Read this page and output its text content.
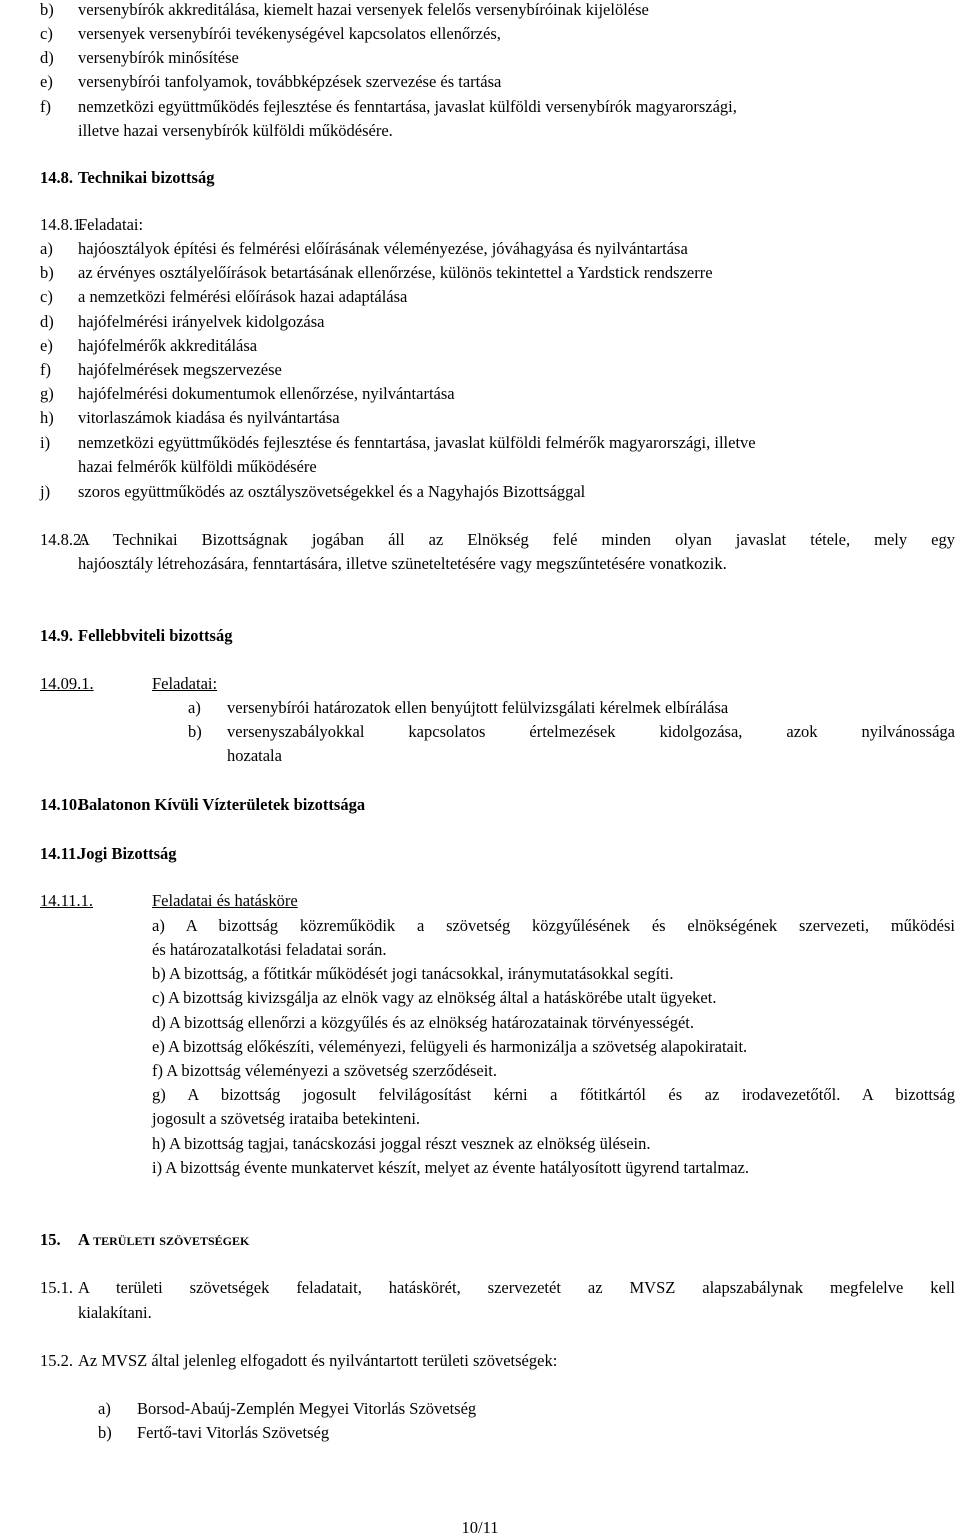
b) versenybírók akkreditálása, kiemelt hazai versenyek felelős versenybíróinak kijelölése
c) versenyek versenybírói tevékenységével kapcsolatos ellenőrzés,
d) versenybírók minősítése
e) versenybírói tanfolyamok, továbbképzések szervezése és tartása
f) nemzetközi együttműködés fejlesztése és fenntartása, javaslat külföldi versenybírók magyarországi,
illetve hazai versenybírók külföldi működésére.
14.8. Technikai bizottság
14.8.1.
Feladatai:
a) hajóosztályok építési és felmérési előírásának véleményezése, jóváhagyása és nyilvántartása
b) az érvényes osztályelőírások betartásának ellenőrzése, különös tekintettel a Yardstick rendszerre
c) a nemzetközi felmérési előírások hazai adaptálása
d) hajófelmérési irányelvek kidolgozása
e) hajófelmérők akkreditálása
f) hajófelmérések megszervezése
g) hajófelmérési dokumentumok ellenőrzése, nyilvántartása
h) vitorlaszámok kiadása és nyilvántartása
i) nemzetközi együttműködés fejlesztése és fenntartása, javaslat külföldi felmérők magyarországi, illetve
hazai felmérők külföldi működésére
j) szoros együttműködés az osztályszövetségekkel és a Nagyhajós Bizottsággal
14.8.2.
A Technikai Bizottságnak jogában áll az Elnökség felé minden olyan javaslat tétele, mely egy
hajóosztály létrehozására, fenntartására, illetve szüneteltetésére vagy megszűntetésére vonatkozik.
14.9. Fellebbviteli bizottság
14.09.1.	Feladatai:
a) versenybírói határozatok ellen benyújtott felülvizsgálati kérelmek elbírálása
b) versenyszabályokkal kapcsolatos értelmezések kidolgozása, azok nyilvánossága
hozatala
14.10.
Balatonon Kívüli Vízterületek bizottsága
14.11.
Jogi Bizottság
14.11.1.	Feladatai és hatásköre
a) A bizottság közreműködik a szövetség közgyűlésének és elnökségének szervezeti, működési
és határozatalkotási feladatai során.
b) A bizottság, a főtitkár működését jogi tanácsokkal, iránymutatásokkal segíti.
c) A bizottság kivizsgálja az elnök vagy az elnökség által a hatáskörébe utalt ügyeket.
d) A bizottság ellenőrzi a közgyűlés és az elnökség határozatainak törvényességét.
e) A bizottság előkészíti, véleményezi, felügyeli és harmonizálja a szövetség alapokiratait.
f) A bizottság véleményezi a szövetség szerződéseit.
g) A bizottság jogosult felvilágosítást kérni a főtitkártól és az irodavezetőtől. A bizottság
jogosult a szövetség irataiba betekinteni.
h) A bizottság tagjai, tanácskozási joggal részt vesznek az elnökség ülésein.
i) A bizottság évente munkatervet készít, melyet az évente hatályosított ügyrend tartalmaz.
15. A területi szövetségek
15.1. A területi szövetségek feladatait, hatáskörét, szervezetét az MVSZ alapszabálynak megfelelve kell
kialakítani.
15.2. Az MVSZ által jelenleg elfogadott és nyilvántartott területi szövetségek:
a) Borsod-Abaúj-Zemplén Megyei Vitorlás Szövetség
b) Fertő-tavi Vitorlás Szövetség
10/11
